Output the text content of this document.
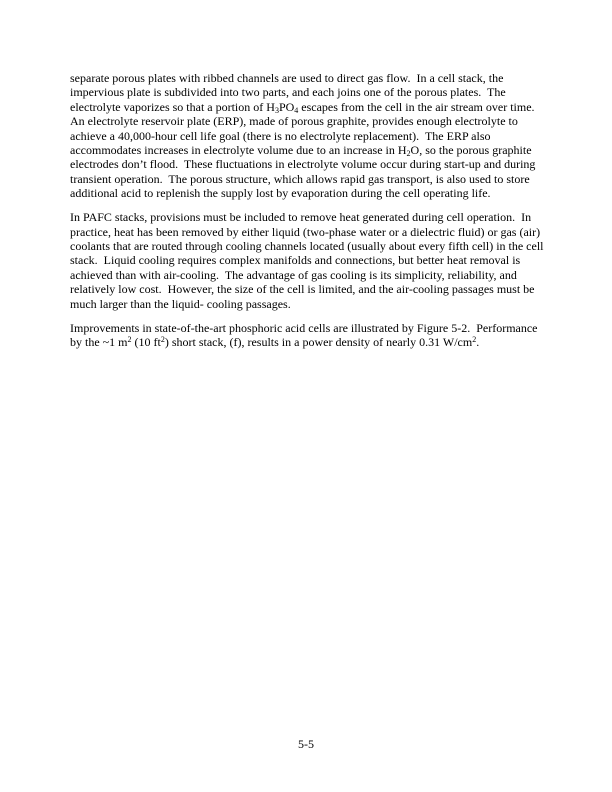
separate porous plates with ribbed channels are used to direct gas flow.  In a cell stack, the impervious plate is subdivided into two parts, and each joins one of the porous plates.  The electrolyte vaporizes so that a portion of $H_3PO_4$ escapes from the cell in the air stream over time.  An electrolyte reservoir plate (ERP), made of porous graphite, provides enough electrolyte to achieve a 40,000-hour cell life goal (there is no electrolyte replacement).  The ERP also accommodates increases in electrolyte volume due to an increase in $H_2O$, so the porous graphite electrodes don’t flood.  These fluctuations in electrolyte volume occur during start-up and during transient operation.  The porous structure, which allows rapid gas transport, is also used to store additional acid to replenish the supply lost by evaporation during the cell operating life.

In PAFC stacks, provisions must be included to remove heat generated during cell operation.  In practice, heat has been removed by either liquid (two-phase water or a dielectric fluid) or gas (air) coolants that are routed through cooling channels located (usually about every fifth cell) in the cell stack.  Liquid cooling requires complex manifolds and connections, but better heat removal is achieved than with air-cooling.  The advantage of gas cooling is its simplicity, reliability, and relatively low cost.  However, the size of the cell is limited, and the air-cooling passages must be much larger than the liquid- cooling passages.

Improvements in state-of-the-art phosphoric acid cells are illustrated by Figure 5-2.  Performance by the ~1 $m^2$ (10 $ft^2$) short stack, (f), results in a power density of nearly 0.31 $W/cm^2$.

5-5
